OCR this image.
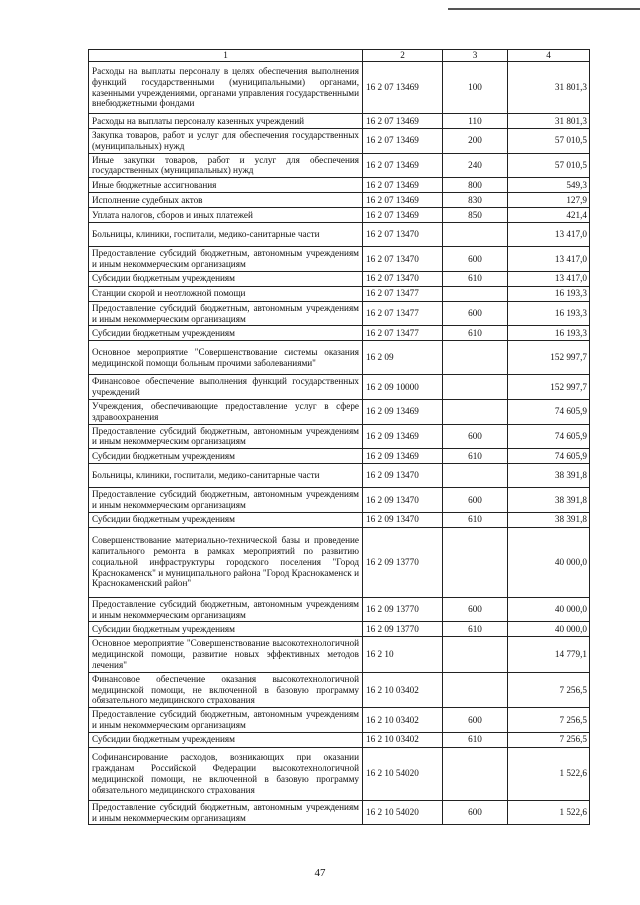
1	2	3	4
Расходы на выплаты персоналу в целях обеспечения выполнения функций государственными (муниципальными) органами, казенными учреждениями, органами управления государственными внебюджетными фондами	16 2 07 13469	100	31 801,3
Расходы на выплаты персоналу казенных учреждений	16 2 07 13469	110	31 801,3
Закупка товаров, работ и услуг для обеспечения государственных (муниципальных) нужд	16 2 07 13469	200	57 010,5
Иные закупки товаров, работ и услуг для обеспечения государственных (муниципальных) нужд	16 2 07 13469	240	57 010,5
Иные бюджетные ассигнования	16 2 07 13469	800	549,3
Исполнение судебных актов	16 2 07 13469	830	127,9
Уплата налогов, сборов и иных платежей	16 2 07 13469	850	421,4
Больницы, клиники, госпитали, медико-санитарные части	16 2 07 13470		13 417,0
Предоставление субсидий бюджетным, автономным учреждениям и иным некоммерческим организациям	16 2 07 13470	600	13 417,0
Субсидии бюджетным учреждениям	16 2 07 13470	610	13 417,0
Станции скорой и неотложной помощи	16 2 07 13477		16 193,3
Предоставление субсидий бюджетным, автономным учреждениям и иным некоммерческим организациям	16 2 07 13477	600	16 193,3
Субсидии бюджетным учреждениям	16 2 07 13477	610	16 193,3
Основное мероприятие "Совершенствование системы оказания медицинской помощи больным прочими заболеваниями"	16 2 09		152 997,7
Финансовое обеспечение выполнения функций государственных учреждений	16 2 09 10000		152 997,7
Учреждения, обеспечивающие предоставление услуг в сфере здравоохранения	16 2 09 13469		74 605,9
Предоставление субсидий бюджетным, автономным учреждениям и иным некоммерческим организациям	16 2 09 13469	600	74 605,9
Субсидии бюджетным учреждениям	16 2 09 13469	610	74 605,9
Больницы, клиники, госпитали, медико-санитарные части	16 2 09 13470		38 391,8
Предоставление субсидий бюджетным, автономным учреждениям и иным некоммерческим организациям	16 2 09 13470	600	38 391,8
Субсидии бюджетным учреждениям	16 2 09 13470	610	38 391,8
Совершенствование материально-технической базы и проведение капитального ремонта в рамках мероприятий по развитию социальной инфраструктуры городского поселения "Город Краснокаменск" и муниципального района "Город Краснокаменск и Краснокаменский район"	16 2 09 13770		40 000,0
Предоставление субсидий бюджетным, автономным учреждениям и иным некоммерческим организациям	16 2 09 13770	600	40 000,0
Субсидии бюджетным учреждениям	16 2 09 13770	610	40 000,0
Основное мероприятие "Совершенствование высокотехнологичной медицинской помощи, развитие новых эффективных методов лечения"	16 2 10		14 779,1
Финансовое обеспечение оказания высокотехнологичной медицинской помощи, не включенной в базовую программу обязательного медицинского страхования	16 2 10 03402		7 256,5
Предоставление субсидий бюджетным, автономным учреждениям и иным некоммерческим организациям	16 2 10 03402	600	7 256,5
Субсидии бюджетным учреждениям	16 2 10 03402	610	7 256,5
Софинансирование расходов, возникающих при оказании гражданам Российской Федерации высокотехнологичной медицинской помощи, не включенной в базовую программу обязательного медицинского страхования	16 2 10 54020		1 522,6
Предоставление субсидий бюджетным, автономным учреждениям и иным некоммерческим организациям	16 2 10 54020	600	1 522,6
47
